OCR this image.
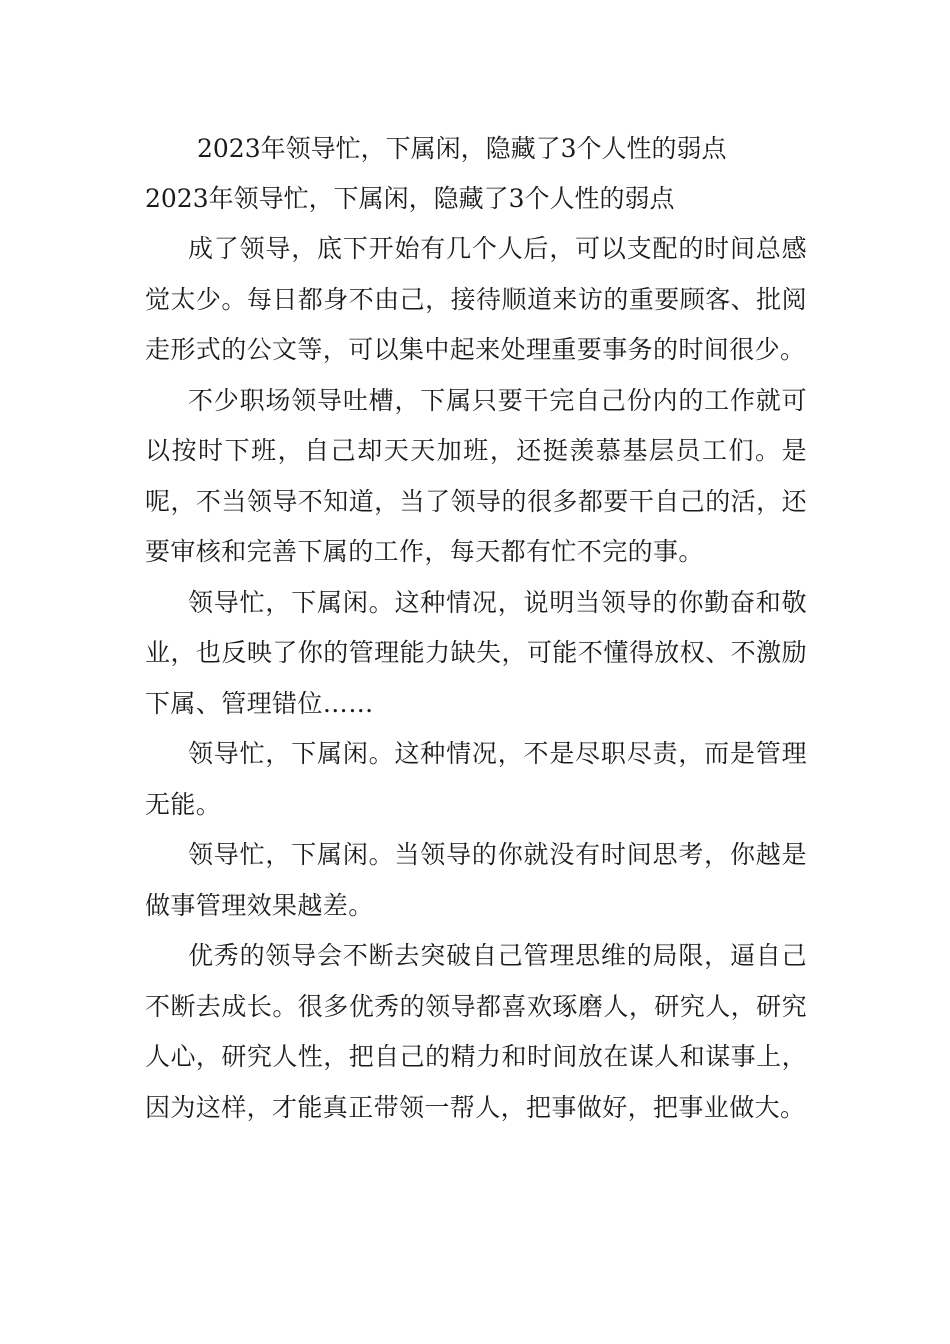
2023年领导忙，下属闲，隐藏了3个人性的弱点
2023年领导忙，下属闲，隐藏了3个人性的弱点

成了领导，底下开始有几个人后，可以支配的时间总感觉太少。每日都身不由己，接待顺道来访的重要顾客、批阅走形式的公文等，可以集中起来处理重要事务的时间很少。

不少职场领导吐槽，下属只要干完自己份内的工作就可以按时下班，自己却天天加班，还挺羡慕基层员工们。是呢，不当领导不知道，当了领导的很多都要干自己的活，还要审核和完善下属的工作，每天都有忙不完的事。

领导忙，下属闲。这种情况，说明当领导的你勤奋和敬业，也反映了你的管理能力缺失，可能不懂得放权、不激励下属、管理错位……

领导忙，下属闲。这种情况，不是尽职尽责，而是管理无能。

领导忙，下属闲。当领导的你就没有时间思考，你越是做事管理效果越差。

优秀的领导会不断去突破自己管理思维的局限，逼自己不断去成长。很多优秀的领导都喜欢琢磨人，研究人，研究人心，研究人性，把自己的精力和时间放在谋人和谋事上，因为这样，才能真正带领一帮人，把事做好，把事业做大。
